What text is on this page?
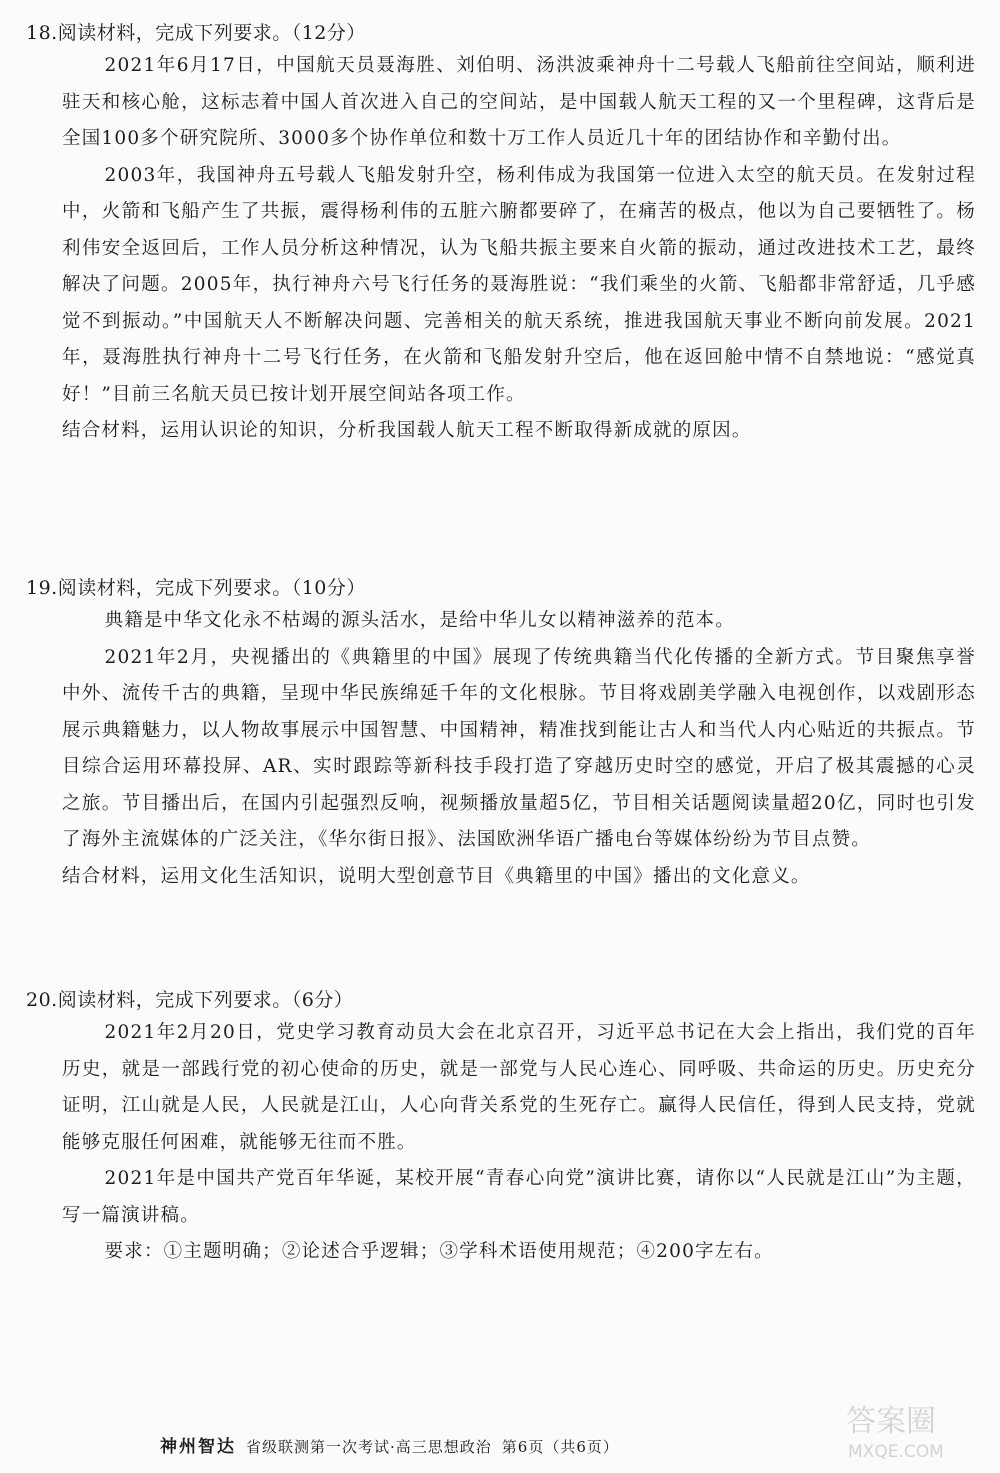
18.阅读材料，完成下列要求。（12分）

2021年6月17日，中国航天员聂海胜、刘伯明、汤洪波乘神舟十二号载人飞船前往空间站，顺利进驻天和核心舱，这标志着中国人首次进入自己的空间站，是中国载人航天工程的又一个里程碑，这背后是全国100多个研究院所、3000多个协作单位和数十万工作人员近几十年的团结协作和辛勤付出。

2003年，我国神舟五号载人飞船发射升空，杨利伟成为我国第一位进入太空的航天员。在发射过程中，火箭和飞船产生了共振，震得杨利伟的五脏六腑都要碎了，在痛苦的极点，他以为自己要牺牲了。杨利伟安全返回后，工作人员分析这种情况，认为飞船共振主要来自火箭的振动，通过改进技术工艺，最终解决了问题。2005年，执行神舟六号飞行任务的聂海胜说：“我们乘坐的火箭、飞船都非常舒适，几乎感觉不到振动。”中国航天人不断解决问题、完善相关的航天系统，推进我国航天事业不断向前发展。2021年，聂海胜执行神舟十二号飞行任务，在火箭和飞船发射升空后，他在返回舱中情不自禁地说：“感觉真好！”目前三名航天员已按计划开展空间站各项工作。

结合材料，运用认识论的知识，分析我国载人航天工程不断取得新成就的原因。

19.阅读材料，完成下列要求。（10分）

典籍是中华文化永不枯竭的源头活水，是给中华儿女以精神滋养的范本。

2021年2月，央视播出的《典籍里的中国》展现了传统典籍当代化传播的全新方式。节目聚焦享誉中外、流传千古的典籍，呈现中华民族绵延千年的文化根脉。节目将戏剧美学融入电视创作，以戏剧形态展示典籍魅力，以人物故事展示中国智慧、中国精神，精准找到能让古人和当代人内心贴近的共振点。节目综合运用环幕投屏、AR、实时跟踪等新科技手段打造了穿越历史时空的感觉，开启了极其震撼的心灵之旅。节目播出后，在国内引起强烈反响，视频播放量超5亿，节目相关话题阅读量超20亿，同时也引发了海外主流媒体的广泛关注，《华尔街日报》、法国欧洲华语广播电台等媒体纷纷为节目点赞。

结合材料，运用文化生活知识，说明大型创意节目《典籍里的中国》播出的文化意义。

20.阅读材料，完成下列要求。（6分）

2021年2月20日，党史学习教育动员大会在北京召开，习近平总书记在大会上指出，我们党的百年历史，就是一部践行党的初心使命的历史，就是一部党与人民心连心、同呼吸、共命运的历史。历史充分证明，江山就是人民，人民就是江山，人心向背关系党的生死存亡。赢得人民信任，得到人民支持，党就能够克服任何困难，就能够无往而不胜。

2021年是中国共产党百年华诞，某校开展“青春心向党”演讲比赛，请你以“人民就是江山”为主题，写一篇演讲稿。

要求：①主题明确；②论述合乎逻辑；③学科术语使用规范；④200字左右。

神州智达 省级联测第一次考试·高三思想政治 第6页（共6页）
答案圈
MXQE.COM
